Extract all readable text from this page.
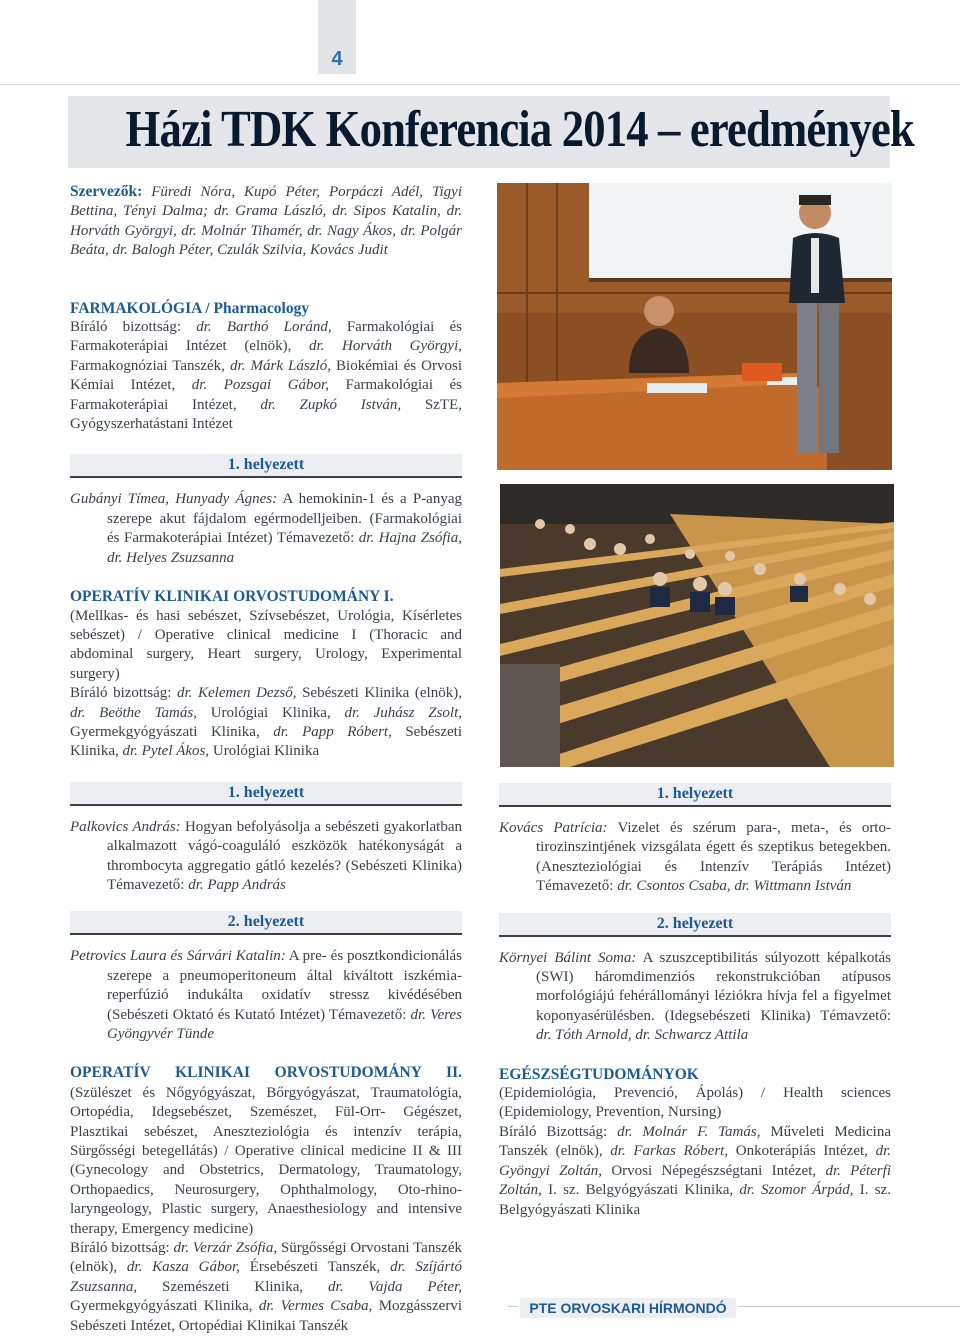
4
Házi TDK Konferencia 2014 – eredmények

Szervezők: Füredi Nóra, Kupó Péter, Porpáczi Adél, Tigyi Bettina, Tényi Dalma; dr. Grama László, dr. Sipos Katalin, dr. Horváth Györgyi, dr. Molnár Tihamér, dr. Nagy Ákos, dr. Polgár Beáta, dr. Balogh Péter, Czulák Szilvia, Kovács Judit

FARMAKOLÓGIA / Pharmacology

Bíráló bizottság: dr. Barthó Loránd, Farmakológiai és Farmakoterápiai Intézet (elnök), dr. Horváth Györgyi, Farmakognóziai Tanszék, dr. Márk László, Biokémiai és Orvosi Kémiai Intézet, dr. Pozsgai Gábor, Farmakológiai és Farmakoterápiai Intézet, dr. Zupkó István, SzTE, Gyógyszerhatástani Intézet

1. helyezett

Gubányi Tímea, Hunyady Ágnes: A hemokinin-1 és a P-anyag szerepe akut fájdalom egérmodelljeiben. (Farmakológiai és Farmakoterápiai Intézet) Témavezető: dr. Hajna Zsófia, dr. Helyes Zsuzsanna

OPERATÍV KLINIKAI ORVOSTUDOMÁNY I.

(Mellkas- és hasi sebészet, Szívsebészet, Urológia, Kísérletes sebészet) / Operative clinical medicine I (Thoracic and abdominal surgery, Heart surgery, Urology, Experimental surgery)

Bíráló bizottság: dr. Kelemen Dezső, Sebészeti Klinika (elnök), dr. Beöthe Tamás, Urológiai Klinika, dr. Juhász Zsolt, Gyermekgyógyászati Klinika, dr. Papp Róbert, Sebészeti Klinika, dr. Pytel Ákos, Urológiai Klinika

1. helyezett

Palkovics András: Hogyan befolyásolja a sebészeti gyakorlatban alkalmazott vágó-coaguláló eszközök hatékonyságát a thrombocyta aggregatio gátló kezelés? (Sebészeti Klinika) Témavezető: dr. Papp András

2. helyezett

Petrovics Laura és Sárvári Katalin: A pre- és posztkondicionálás szerepe a pneumoperitoneum által kiváltott iszkémia-reperfúzió indukálta oxidatív stressz kivédésében (Sebészeti Oktató és Kutató Intézet) Témavezető: dr. Veres Gyöngyvér Tünde

OPERATÍV KLINIKAI ORVOSTUDOMÁNY II. (Szülészet és Nőgyógyászat, Bőrgyógyászat, Traumatológia, Ortopédia, Idegsebészet, Szemészet, Fül-Orr- Gégészet, Plasztikai sebészet, Aneszteziológia és intenzív terápia, Sürgősségi betegellátás) / Operative clinical medicine II & III (Gynecology and Obstetrics, Dermatology, Traumatology, Orthopaedics, Neurosurgery, Ophthalmology, Oto-rhino-laryngeology, Plastic surgery, Anaesthesiology and intensive therapy, Emergency medicine)

Bíráló bizottság: dr. Verzár Zsófia, Sürgősségi Orvostani Tanszék (elnök), dr. Kasza Gábor, Érsebészeti Tanszék, dr. Szíjártó Zsuzsanna, Szemészeti Klinika, dr. Vajda Péter, Gyermekgyógyászati Klinika, dr. Vermes Csaba, Mozgásszervi Sebészeti Intézet, Ortopédiai Klinikai Tanszék

1. helyezett

Kovács Patrícia: Vizelet és szérum para-, meta-, és orto-tirozinszintjének vizsgálata égett és szeptikus betegekben. (Aneszteziológiai és Intenzív Terápiás Intézet) Témavezető: dr. Csontos Csaba, dr. Wittmann István

2. helyezett

Környei Bálint Soma: A szuszceptibilitás súlyozott képalkotás (SWI) háromdimenziós rekonstrukcióban atípusos morfológiájú fehérállományi léziókra hívja fel a figyelmet koponyasérülésben. (Idegsebészeti Klinika) Témavzető: dr. Tóth Arnold, dr. Schwarcz Attila

EGÉSZSÉGTUDOMÁNYOK

(Epidemiológia, Prevenció, Ápolás) / Health sciences (Epidemiology, Prevention, Nursing)

Bíráló Bizottság: dr. Molnár F. Tamás, Műveleti Medicina Tanszék (elnök), dr. Farkas Róbert, Onkoterápiás Intézet, dr. Gyöngyi Zoltán, Orvosi Népegészségtani Intézet, dr. Péterfi Zoltán, I. sz. Belgyógyászati Klinika, dr. Szomor Árpád, I. sz. Belgyógyászati Klinika

PTE ORVOSKARI HÍRMONDÓ
